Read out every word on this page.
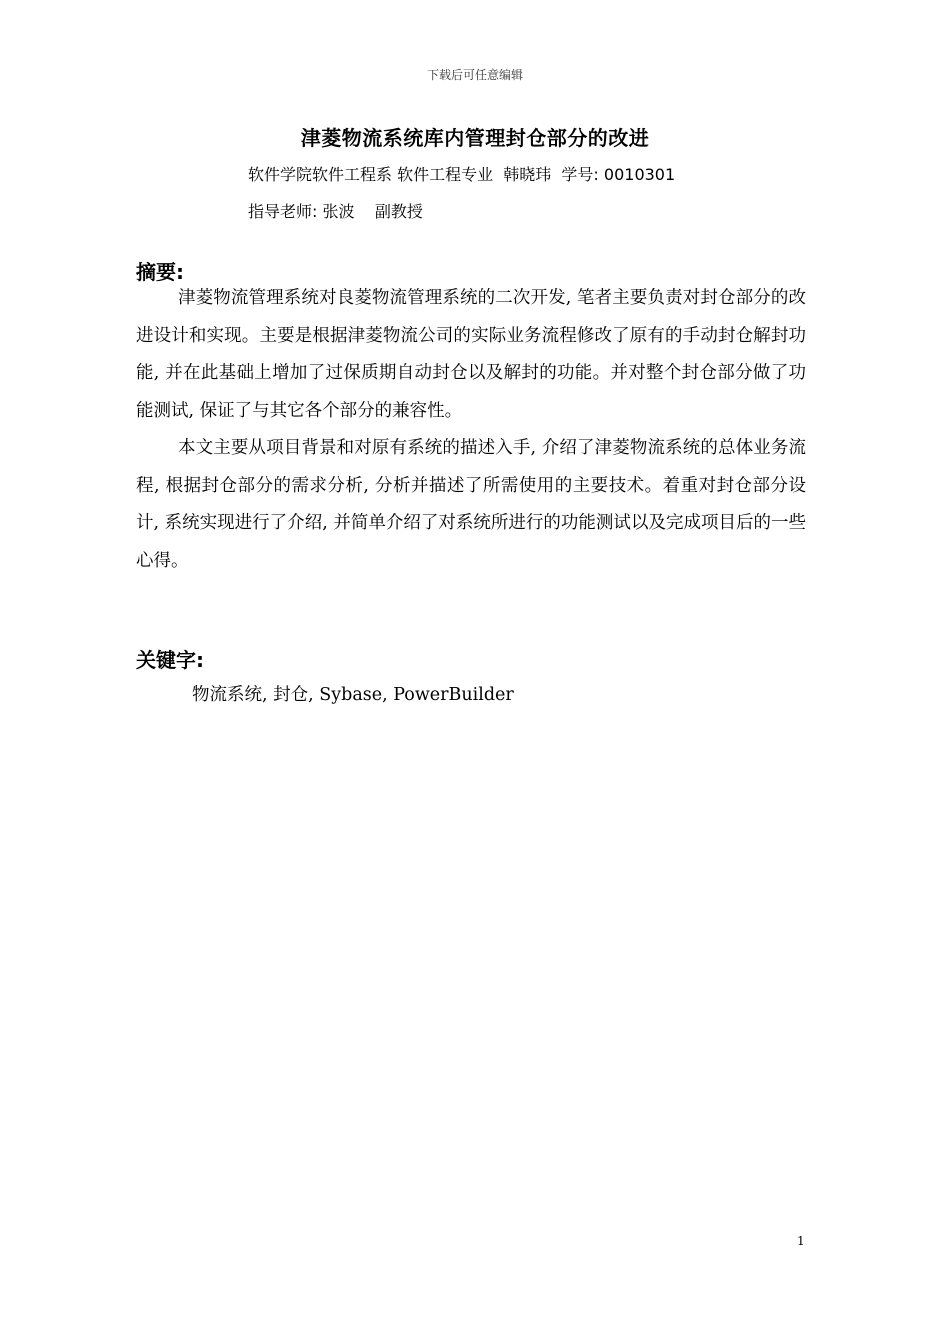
下载后可任意编辑
津菱物流系统库内管理封仓部分的改进
软件学院软件工程系 软件工程专业  韩晓玮  学号: 0010301
指导老师: 张波    副教授
摘要:

津菱物流管理系统对良菱物流管理系统的二次开发, 笔者主要负责对封仓部分的改进设计和实现。主要是根据津菱物流公司的实际业务流程修改了原有的手动封仓解封功能, 并在此基础上增加了过保质期自动封仓以及解封的功能。并对整个封仓部分做了功能测试, 保证了与其它各个部分的兼容性。

本文主要从项目背景和对原有系统的描述入手, 介绍了津菱物流系统的总体业务流程, 根据封仓部分的需求分析, 分析并描述了所需使用的主要技术。着重对封仓部分设计, 系统实现进行了介绍, 并简单介绍了对系统所进行的功能测试以及完成项目后的一些心得。

关键字:
物流系统, 封仓, Sybase, PowerBuilder
1
